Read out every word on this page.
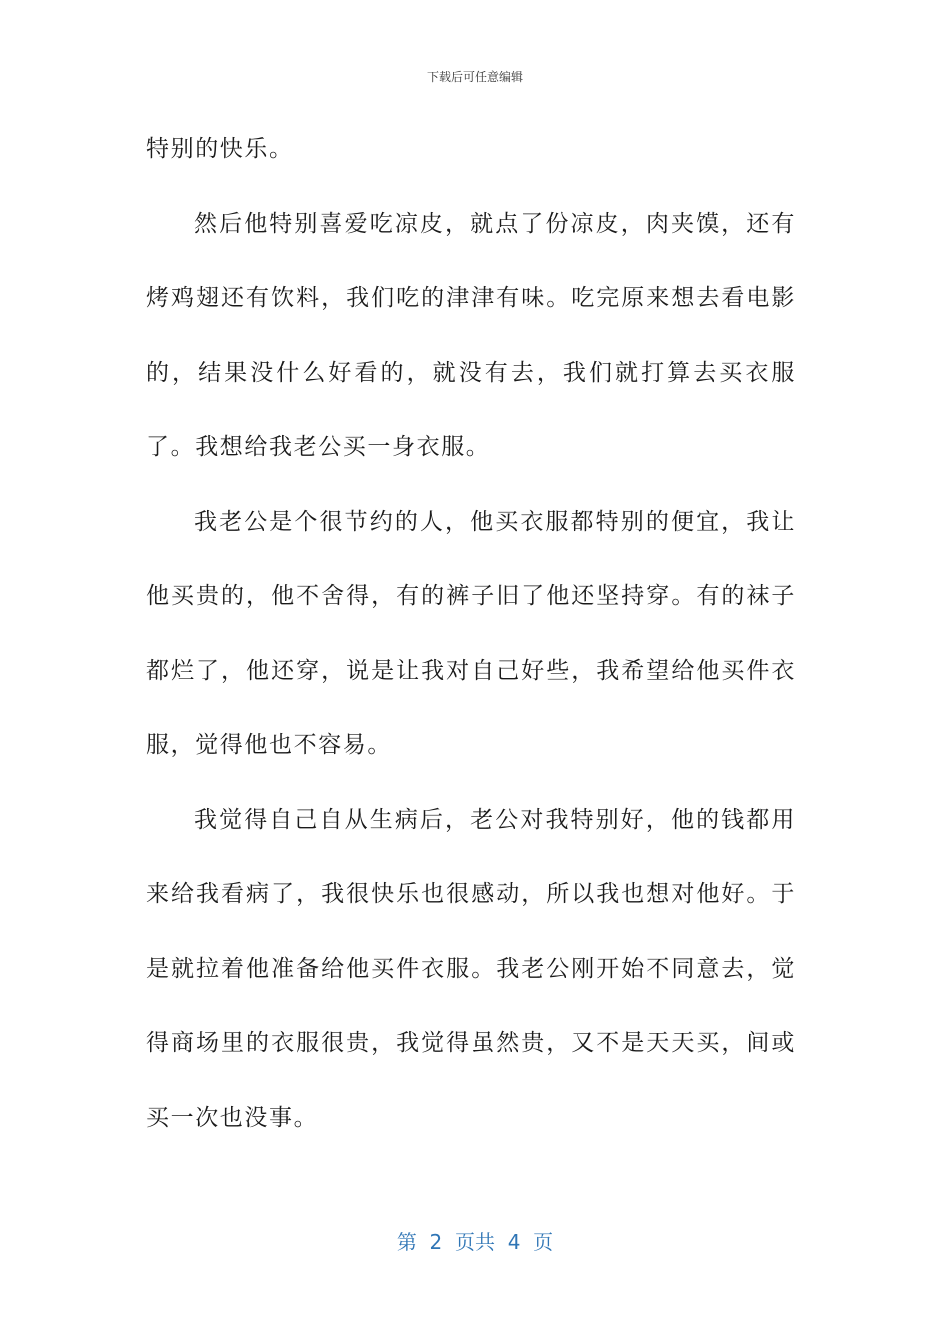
下载后可任意编辑

特别的快乐。

然后他特别喜爱吃凉皮，就点了份凉皮，肉夹馍，还有烤鸡翅还有饮料，我们吃的津津有味。吃完原来想去看电影的，结果没什么好看的，就没有去，我们就打算去买衣服了。我想给我老公买一身衣服。

我老公是个很节约的人，他买衣服都特别的便宜，我让他买贵的，他不舍得，有的裤子旧了他还坚持穿。有的袜子都烂了，他还穿，说是让我对自己好些，我希望给他买件衣服，觉得他也不容易。

我觉得自己自从生病后，老公对我特别好，他的钱都用来给我看病了，我很快乐也很感动，所以我也想对他好。于是就拉着他准备给他买件衣服。我老公刚开始不同意去，觉得商场里的衣服很贵，我觉得虽然贵，又不是天天买，间或买一次也没事。

第  2  页共  4  页
